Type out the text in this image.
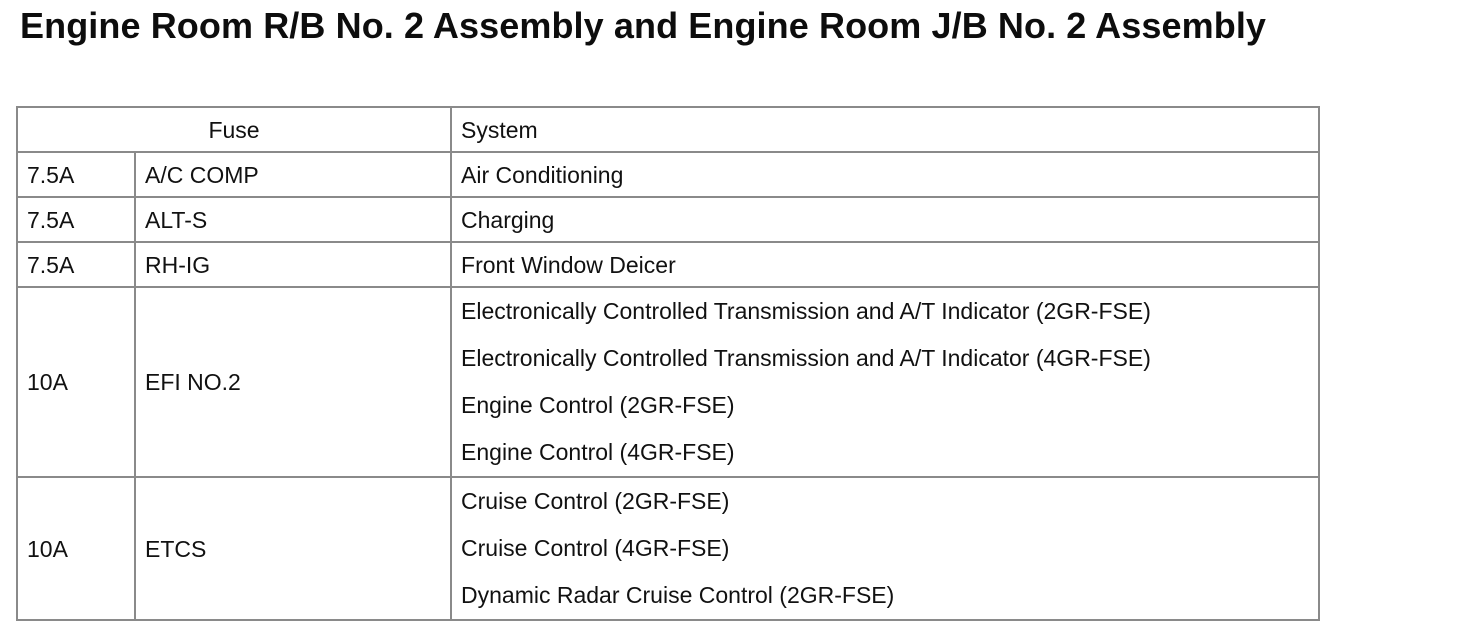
Engine Room R/B No. 2 Assembly and Engine Room J/B No. 2 Assembly
Fuse		System
7.5A	A/C COMP	Air Conditioning
7.5A	ALT-S	Charging
7.5A	RH-IG	Front Window Deicer
10A	EFI NO.2	Electronically Controlled Transmission and A/T Indicator (2GR-FSE)
Electronically Controlled Transmission and A/T Indicator (4GR-FSE)
Engine Control (2GR-FSE)
Engine Control (4GR-FSE)

10A	ETCS	Cruise Control (2GR-FSE)
Cruise Control (4GR-FSE)
Dynamic Radar Cruise Control (2GR-FSE)
